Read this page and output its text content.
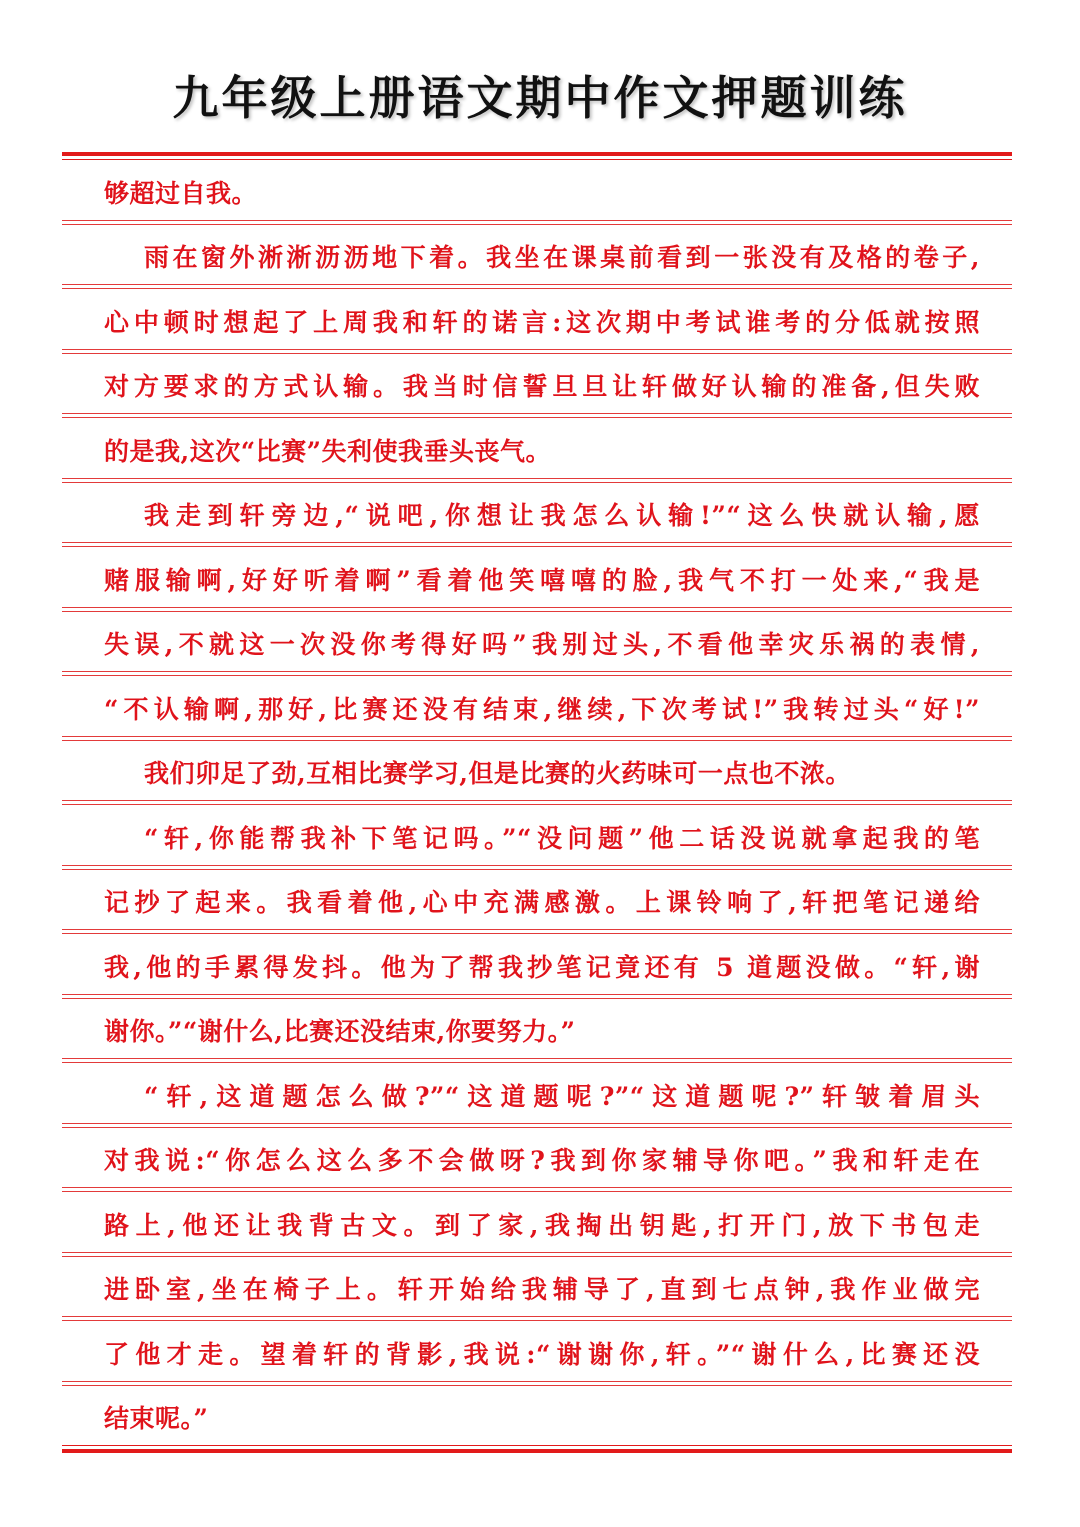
九年级上册语文期中作文押题训练
够超过自我。
雨在窗外淅淅沥沥地下着。我坐在课桌前看到一张没有及格的卷子,
心中顿时想起了上周我和轩的诺言:这次期中考试谁考的分低就按照
对方要求的方式认输。我当时信誓旦旦让轩做好认输的准备,但失败
的是我,这次“比赛”失利使我垂头丧气。
我走到轩旁边,“说吧,你想让我怎么认输!”“这么快就认输,愿
赌服输啊,好好听着啊”看着他笑嘻嘻的脸,我气不打一处来,“我是
失误,不就这一次没你考得好吗”我别过头,不看他幸灾乐祸的表情,
“不认输啊,那好,比赛还没有结束,继续,下次考试!”我转过头“好!”
我们卯足了劲,互相比赛学习,但是比赛的火药味可一点也不浓。
“轩,你能帮我补下笔记吗。”“没问题”他二话没说就拿起我的笔
记抄了起来。我看着他,心中充满感激。上课铃响了,轩把笔记递给
我,他的手累得发抖。他为了帮我抄笔记竟还有 5 道题没做。“轩,谢
谢你。”“谢什么,比赛还没结束,你要努力。”
“轩,这道题怎么做?”“这道题呢?”“这道题呢?”轩皱着眉头
对我说:“你怎么这么多不会做呀?我到你家辅导你吧。”我和轩走在
路上,他还让我背古文。到了家,我掏出钥匙,打开门,放下书包走
进卧室,坐在椅子上。轩开始给我辅导了,直到七点钟,我作业做完
了他才走。望着轩的背影,我说:“谢谢你,轩。”“谢什么,比赛还没
结束呢。”
